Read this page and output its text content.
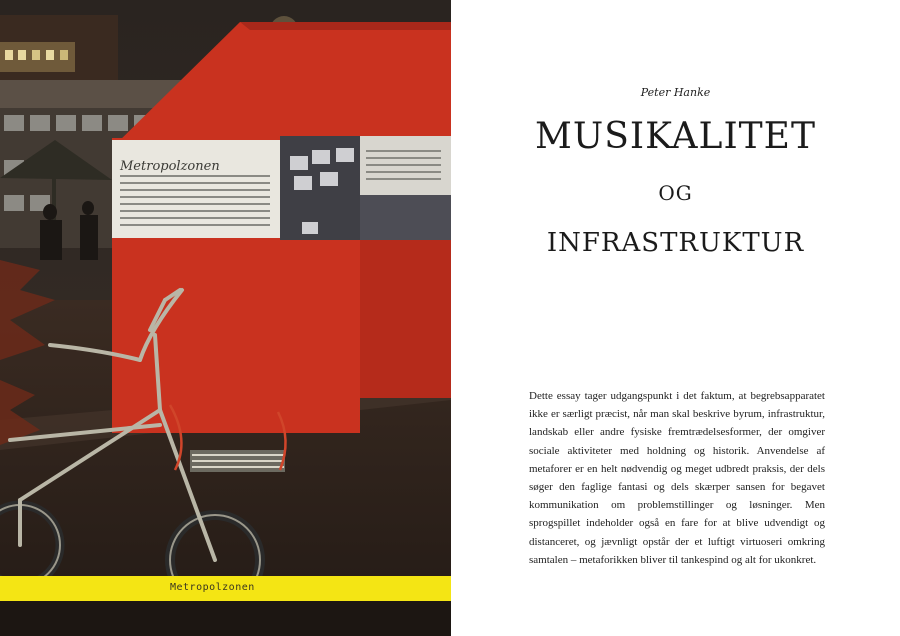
Metropolzonen
Metropolzonen
Peter Hanke
MUSIKALITET
OG
INFRASTRUKTUR
Dette essay tager udgangspunkt i det faktum, at begrebsapparatet ikke er særligt præcist, når man skal beskrive byrum, infrastruktur, landskab eller andre fysiske fremtrædelsesformer, der omgiver sociale aktiviteter med holdning og historik. Anvendelse af metaforer er en helt nødvendig og meget udbredt praksis, der dels søger den faglige fantasi og dels skærper sansen for begavet kommunikation om problemstillinger og løsninger. Men sprogspillet indeholder også en fare for at blive udvendigt og distanceret, og jævnligt opstår der et luftigt virtuoseri omkring samtalen – metaforikken bliver til tankespind og alt for ukonkret.
